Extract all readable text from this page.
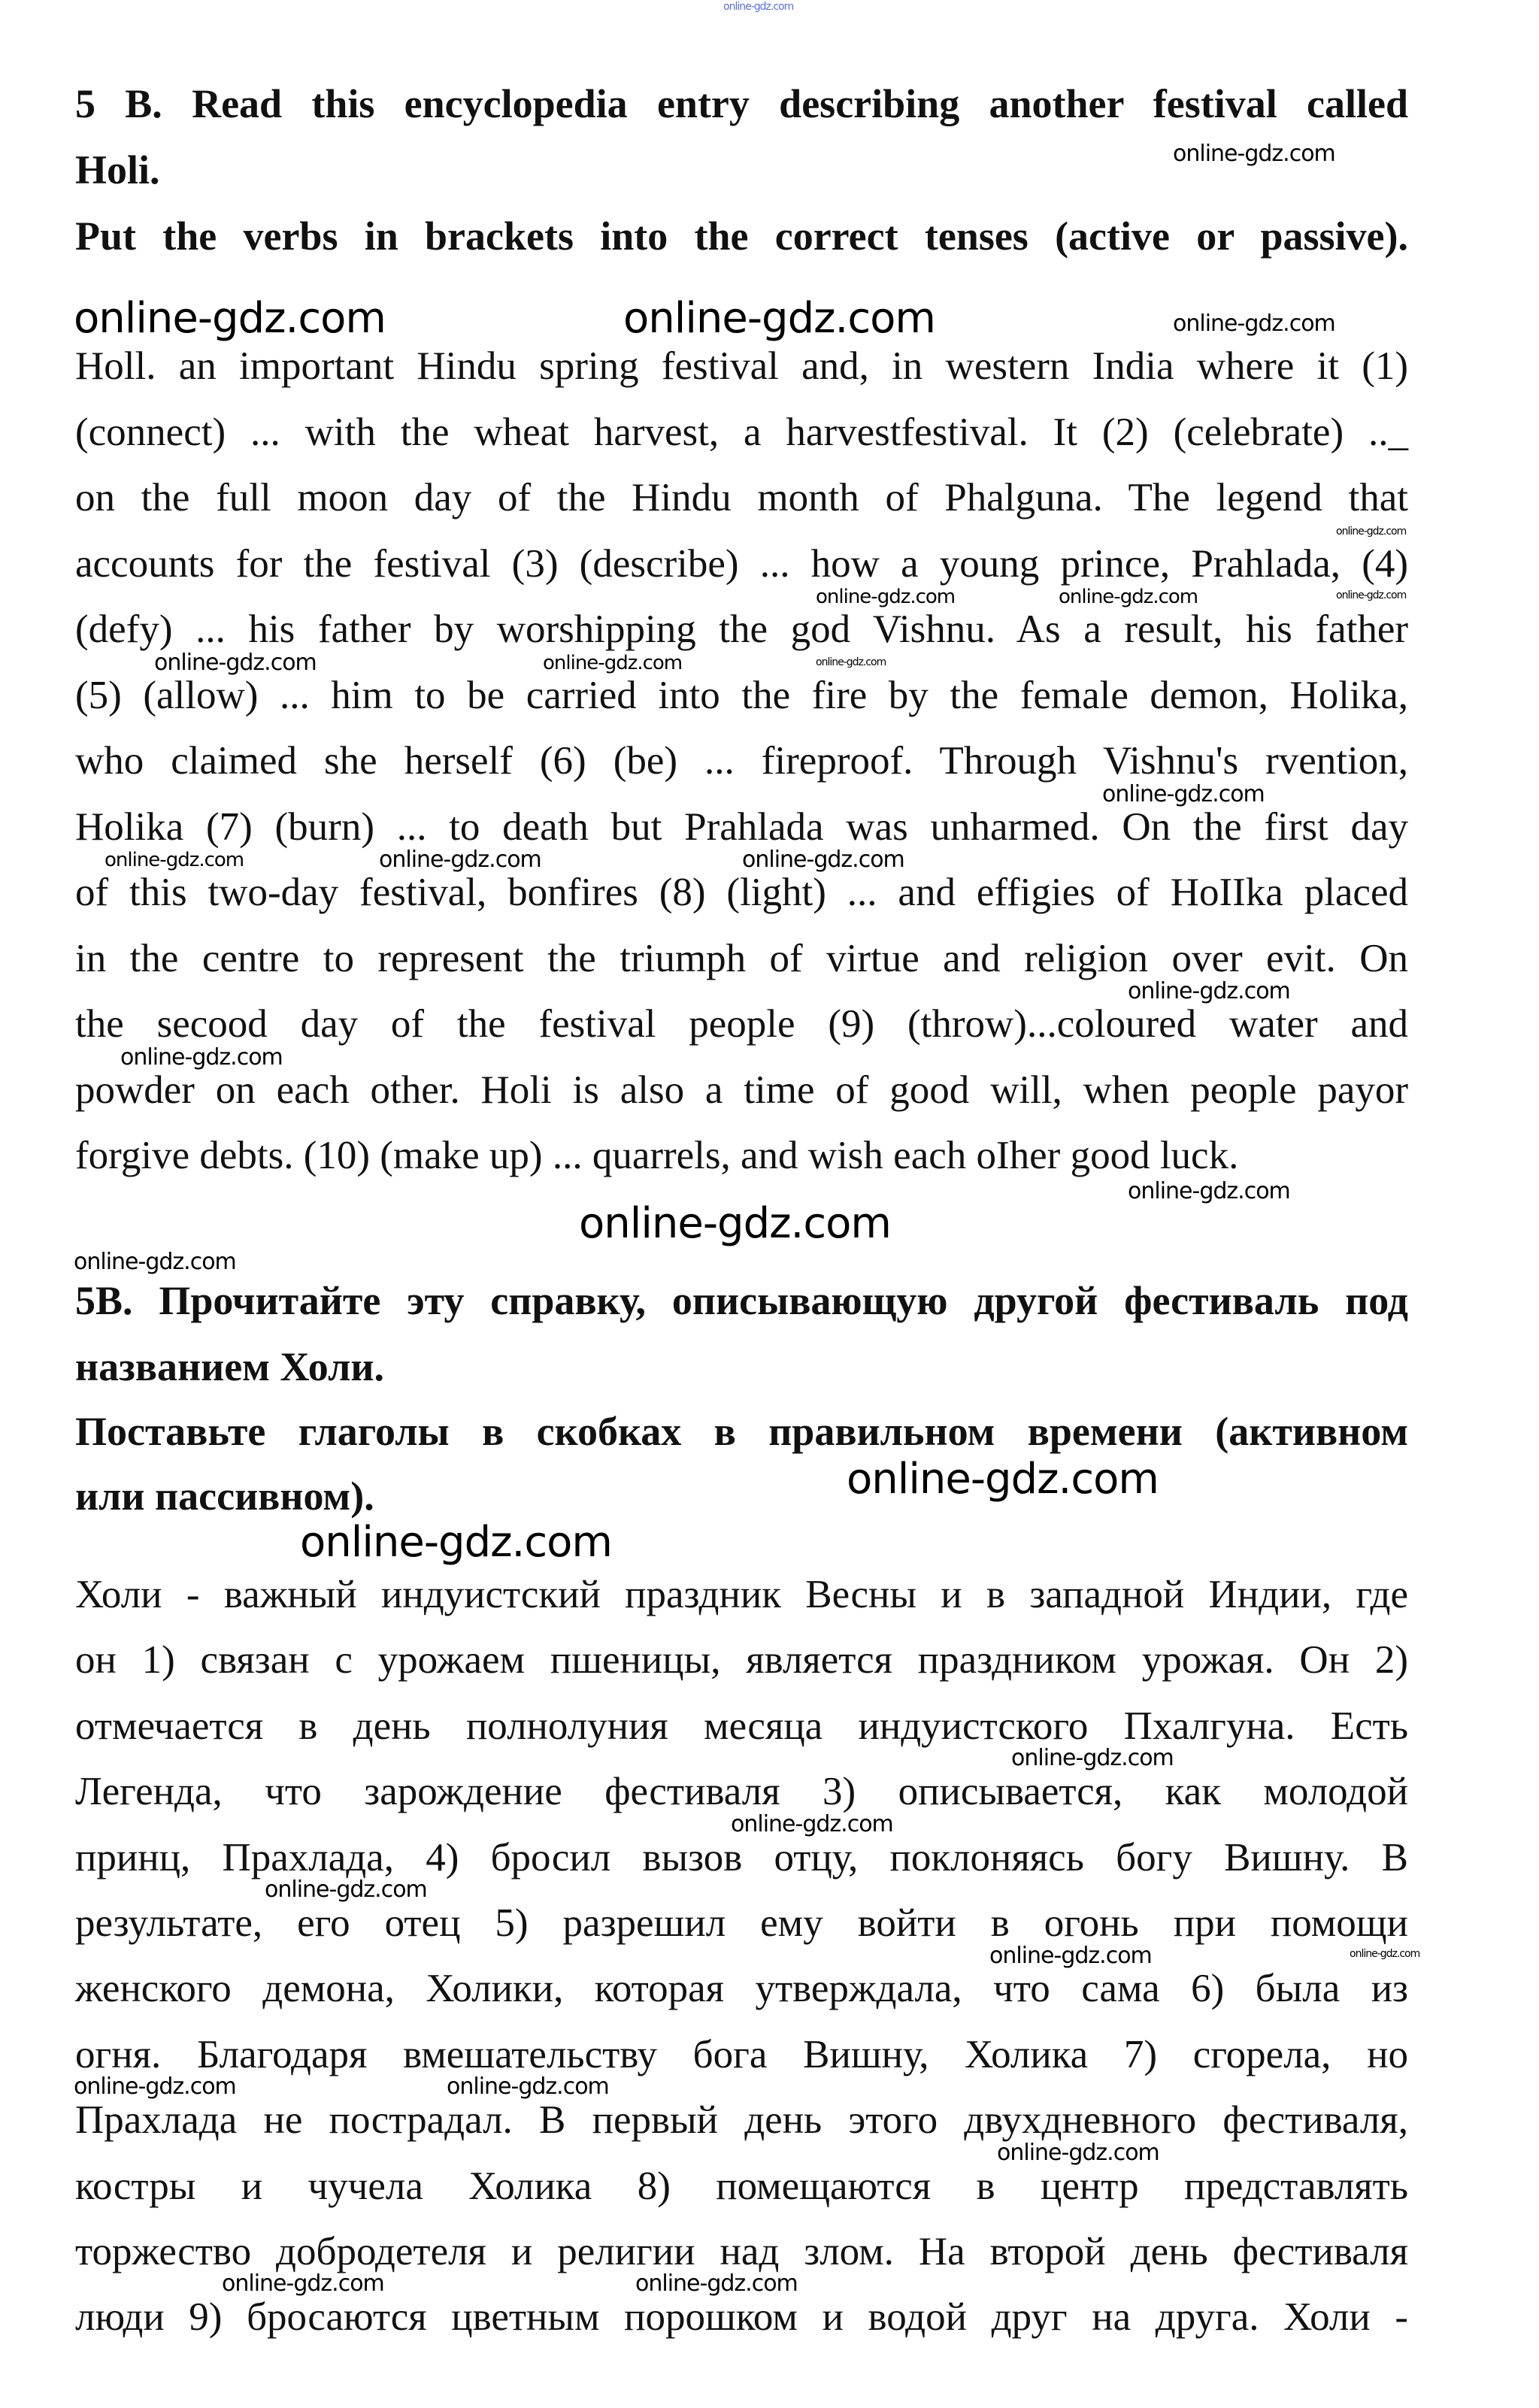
5 B. Read this encyclopedia entry describing another festival called
Holi.
Put the verbs in brackets into the correct tenses (active or passive).
Holl. an important Hindu spring festival and, in western India where it (1)
(connect) ... with the wheat harvest, a harvestfestival. It (2) (celebrate) .._
on the full moon day of the Hindu month of Phalguna. The legend that
accounts for the festival (3) (describe) ... how a young prince, Prahlada, (4)
(defy) ... his father by worshipping the god Vishnu. As a result, his father
(5) (allow) ... him to be carried into the fire by the female demon, Holika,
who claimed she herself (6) (be) ... fireproof. Through Vishnu's rvention,
Holika (7) (burn) ... to death but Prahlada was unharmed. On the first day
of this two-day festival, bonfires (8) (light) ... and effigies of HoIIka placed
in the centre to represent the triumph of virtue and religion over evit. On
the secood day of the festival people (9) (throw)...coloured water and
powder on each other. Holi is also a time of good will, when people payor
forgive debts. (10) (make up) ... quarrels, and wish each oIher good luck.
5B. Прочитайте эту справку, описывающую другой фестиваль под
названием Холи.
Поставьте глаголы в скобках в правильном времени (активном
или пассивном).
Холи - важный индуистский праздник Весны и в западной Индии, где
он 1) связан с урожаем пшеницы, является праздником урожая. Он 2)
отмечается в день полнолуния месяца индуистского Пхалгуна. Есть
Легенда, что зарождение фестиваля 3) описывается, как молодой
принц, Прахлада, 4) бросил вызов отцу, поклоняясь богу Вишну. В
результате, его отец 5) разрешил ему войти в огонь при помощи
женского демона, Холики, которая утверждала, что сама 6) была из
огня. Благодаря вмешательству бога Вишну, Холика 7) сгорела, но
Прахлада не пострадал. В первый день этого двухдневного фестиваля,
костры и чучела Холика 8) помещаются в центр представлять
торжество добродетеля и религии над злом. На второй день фестиваля
люди 9) бросаются цветным порошком и водой друг на друга. Холи -
online-gdz.com
online-gdz.com
online-gdz.com	online-gdz.com	online-gdz.com
online-gdz.com
online-gdz.com	online-gdz.com	online-gdz.com
online-gdz.com	online-gdz.com	online-gdz.com
online-gdz.com
online-gdz.com	online-gdz.com	online-gdz.com
online-gdz.com
online-gdz.com
online-gdz.com
online-gdz.com
online-gdz.com
online-gdz.com
online-gdz.com
online-gdz.com
online-gdz.com
online-gdz.com
online-gdz.com
online-gdz.com
online-gdz.com	online-gdz.com
online-gdz.com
online-gdz.com	online-gdz.com
